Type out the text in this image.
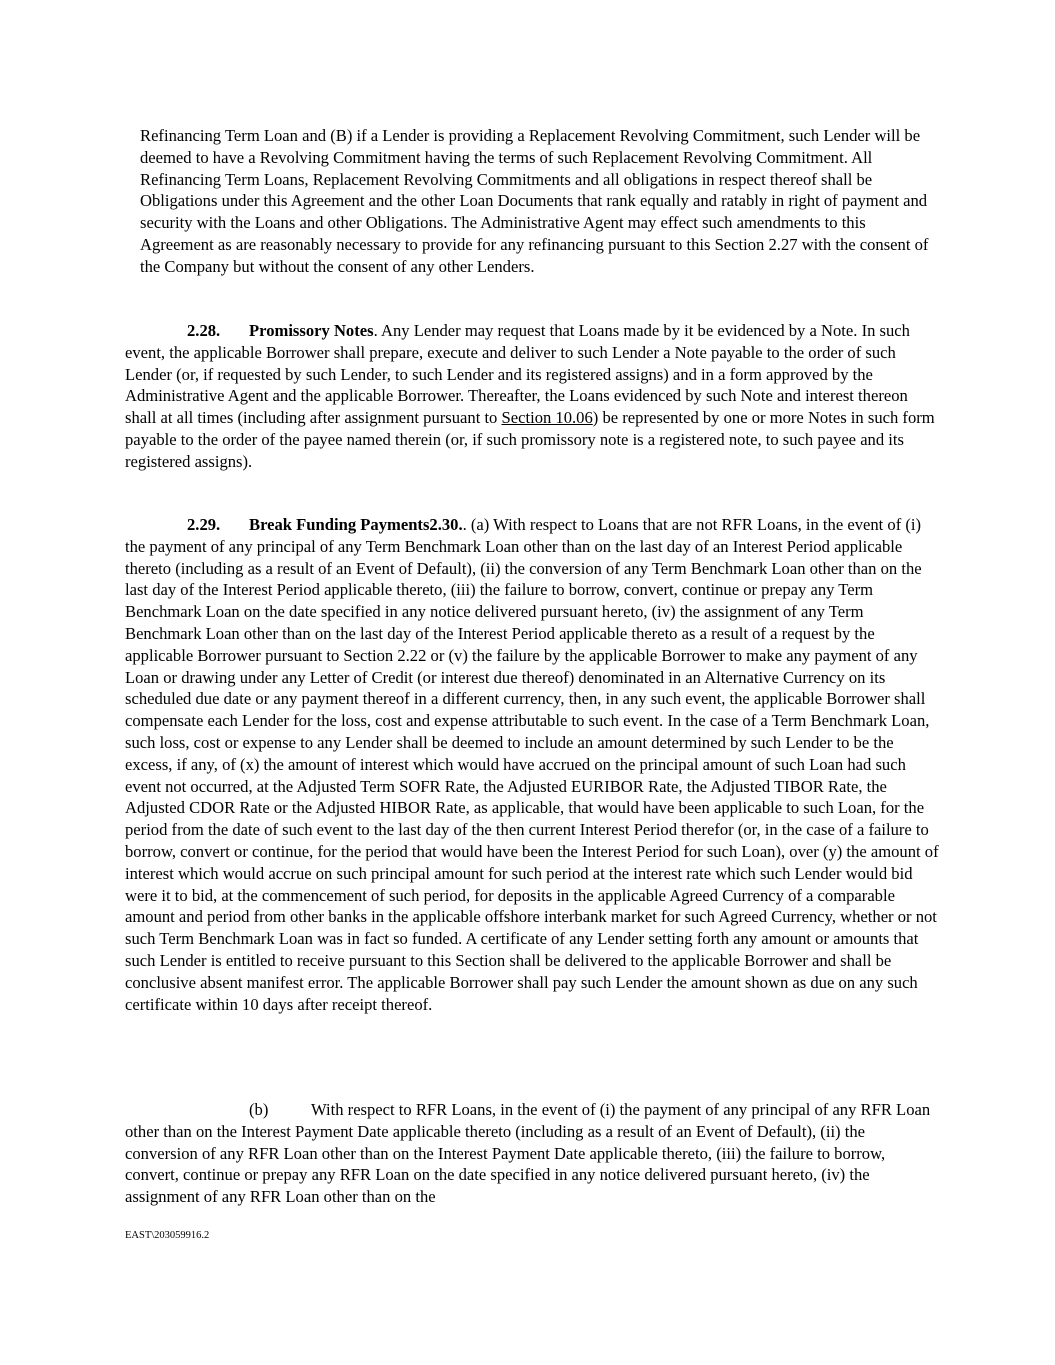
Refinancing Term Loan and (B) if a Lender is providing a Replacement Revolving Commitment, such Lender will be deemed to have a Revolving Commitment having the terms of such Replacement Revolving Commitment. All Refinancing Term Loans, Replacement Revolving Commitments and all obligations in respect thereof shall be Obligations under this Agreement and the other Loan Documents that rank equally and ratably in right of payment and security with the Loans and other Obligations. The Administrative Agent may effect such amendments to this Agreement as are reasonably necessary to provide for any refinancing pursuant to this Section 2.27 with the consent of the Company but without the consent of any other Lenders.

2.28. Promissory Notes. Any Lender may request that Loans made by it be evidenced by a Note. In such event, the applicable Borrower shall prepare, execute and deliver to such Lender a Note payable to the order of such Lender (or, if requested by such Lender, to such Lender and its registered assigns) and in a form approved by the Administrative Agent and the applicable Borrower. Thereafter, the Loans evidenced by such Note and interest thereon shall at all times (including after assignment pursuant to Section 10.06) be represented by one or more Notes in such form payable to the order of the payee named therein (or, if such promissory note is a registered note, to such payee and its registered assigns).

2.29. Break Funding Payments2.30.. (a) With respect to Loans that are not RFR Loans, in the event of (i) the payment of any principal of any Term Benchmark Loan other than on the last day of an Interest Period applicable thereto (including as a result of an Event of Default), (ii) the conversion of any Term Benchmark Loan other than on the last day of the Interest Period applicable thereto, (iii) the failure to borrow, convert, continue or prepay any Term Benchmark Loan on the date specified in any notice delivered pursuant hereto, (iv) the assignment of any Term Benchmark Loan other than on the last day of the Interest Period applicable thereto as a result of a request by the applicable Borrower pursuant to Section 2.22 or (v) the failure by the applicable Borrower to make any payment of any Loan or drawing under any Letter of Credit (or interest due thereof) denominated in an Alternative Currency on its scheduled due date or any payment thereof in a different currency, then, in any such event, the applicable Borrower shall compensate each Lender for the loss, cost and expense attributable to such event. In the case of a Term Benchmark Loan, such loss, cost or expense to any Lender shall be deemed to include an amount determined by such Lender to be the excess, if any, of (x) the amount of interest which would have accrued on the principal amount of such Loan had such event not occurred, at the Adjusted Term SOFR Rate, the Adjusted EURIBOR Rate, the Adjusted TIBOR Rate, the Adjusted CDOR Rate or the Adjusted HIBOR Rate, as applicable, that would have been applicable to such Loan, for the period from the date of such event to the last day of the then current Interest Period therefor (or, in the case of a failure to borrow, convert or continue, for the period that would have been the Interest Period for such Loan), over (y) the amount of interest which would accrue on such principal amount for such period at the interest rate which such Lender would bid were it to bid, at the commencement of such period, for deposits in the applicable Agreed Currency of a comparable amount and period from other banks in the applicable offshore interbank market for such Agreed Currency, whether or not such Term Benchmark Loan was in fact so funded. A certificate of any Lender setting forth any amount or amounts that such Lender is entitled to receive pursuant to this Section shall be delivered to the applicable Borrower and shall be conclusive absent manifest error. The applicable Borrower shall pay such Lender the amount shown as due on any such certificate within 10 days after receipt thereof.

(b)	With respect to RFR Loans, in the event of (i) the payment of any principal of any RFR Loan other than on the Interest Payment Date applicable thereto (including as a result of an Event of Default), (ii) the conversion of any RFR Loan other than on the Interest Payment Date applicable thereto, (iii) the failure to borrow, convert, continue or prepay any RFR Loan on the date specified in any notice delivered pursuant hereto, (iv) the assignment of any RFR Loan other than on the

EAST\203059916.2
